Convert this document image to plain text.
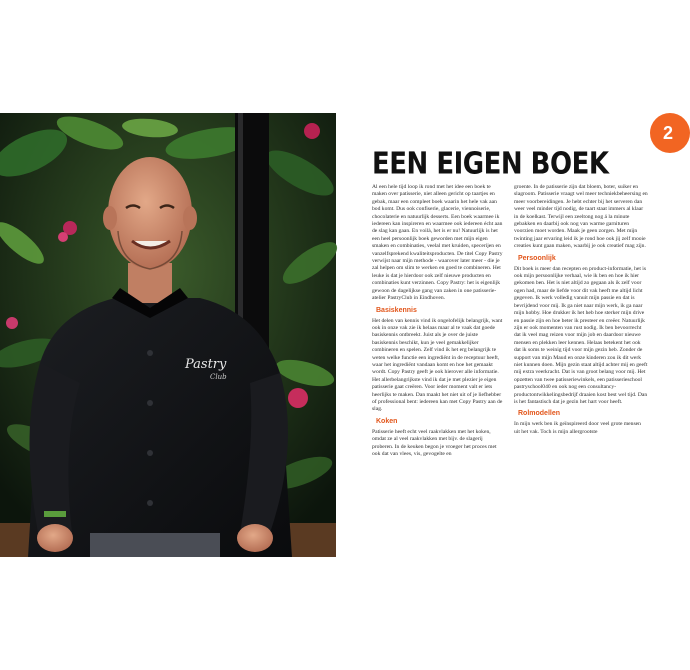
Pastry
Club
2
EEN EIGEN BOEK

Al een hele tijd loop ik rond met het idee een boek te maken over patisserie, niet alleen gericht op taartjes en gebak, maar een compleet boek waarin het hele vak aan bod komt. Dus ook confiserie, glacerie, viennoiserie, chocolaterie en natuurlijk desserts. Een boek waarmee ik iedereen kan inspireren en waarmee ook iedereen écht aan de slag kan gaan. En voilà, het is er nu! Natuurlijk is het een heel persoonlijk boek geworden met mijn eigen smaken en combinaties, veelal met kruiden, specerijen en vanzelfsprekend kwaliteitsproducten. De titel Copy Pastry verwijst naar mijn methode - waarover later meer - die je zal helpen om slim te werken en goed te combineren. Het leuke is dat je hierdoor ook zelf nieuwe producten en combinaties kunt verzinnen. Copy Pastry: het is eigenlijk gewoon de dagelijkse gang van zaken in one patisserie-atelier PastryClub in Eindhoven.

Basiskennis

Het delen van kennis vind ik ongelofelijk belangrijk, want ook in onze vak zie ik helaas maar al te vaak dat goede basiskennis ontbreekt. Juist als je over de juiste basiskennis beschikt, kun je veel gemakkelijker combineren en spelen. Zelf vind ik het erg belangrijk te weten welke functie een ingrediënt in de receptuur heeft, waar het ingrediënt vandaan komt en hoe het gemaakt wordt. Copy Pastry geeft je ook hierover alle informatie. Het allerbelangrijkste vind ik dat je met plezier je eigen patisserie gaat creëren. Voor ieder moment valt er iets heerlijks te maken. Dan maakt het niet uit of je liefhebber of professional bent: iedereen kan met Copy Pastry aan de slag.

Koken

Patisserie heeft echt veel raakvlakken met het koken, omdat ze al veel raakvlakken met bijv. de slagerij proberen. In de keuken begon je vroeger het proces met ook dat van vlees, vis, gevogelte en

groente. In de patisserie zijn dat bloem, boter, suiker en slagroom. Patisserie vraagt wel meer techniekbeheersing en meer voorbereidingen. Je hebt echter bij het serveren dan weer veel minder tijd nodig, de taart staat immers al klaar in de koelkast. Terwijl een zeeltong nog á la minute gebakken en daarbij ook nog van warme garnituren voorzien moet worden. Maak je geen zorgen. Met mijn twinting jaar ervaring leid ik je rond hoe ook jij zelf mooie creaties kunt gaan maken, waarbij je ook creatief mag zijn.

Persoonlijk

Dit boek is meer dan recepten en product-informatie, het is ook mijn persoonlijke verhaal, wie ik ben en hoe ik hier gekomen ben. Het is niet altijd zo gegaan als ik zelf voor ogen had, maar de liefde voor dit vak heeft me altijd licht gegeven. Ik werk volledig vanuit mijn passie en dat is bevrijdend voor mij. Ik ga niet naar mijn werk, ik ga naar mijn hobby. Hoe drukker ik het heb hoe sterker mijn drive en passie zijn en hoe beter ik presteer en creëer. Natuurlijk zijn er ook momenten van rust nodig. Ik ben bevoorrecht dat ik veel mag reizen voor mijn job en daardoor nieuwe mensen en plekken leer kennen. Helaas betekent het ook dat ik soms te weinig tijd voor mijn gezin heb. Zonder de support van mijn Maud en onze kinderen zou ik dit werk niet kunnen doen. Mijn gezin staat altijd achter mij en geeft mij extra veerkracht. Dat is van groot belang voor mij. Het opzetten van twee patisseriewinkels, een patisserieschool pastryschool040 en ook nog een consultancy-productontwikkelingsbedrijf draaien kost best wel tijd. Dan is het fantastisch dat je gezin het hart voor heeft.

Rolmodellen

In mijn werk ben ik geïnspireerd door veel grote mensen uit het vak. Toch is mijn allergrootste
